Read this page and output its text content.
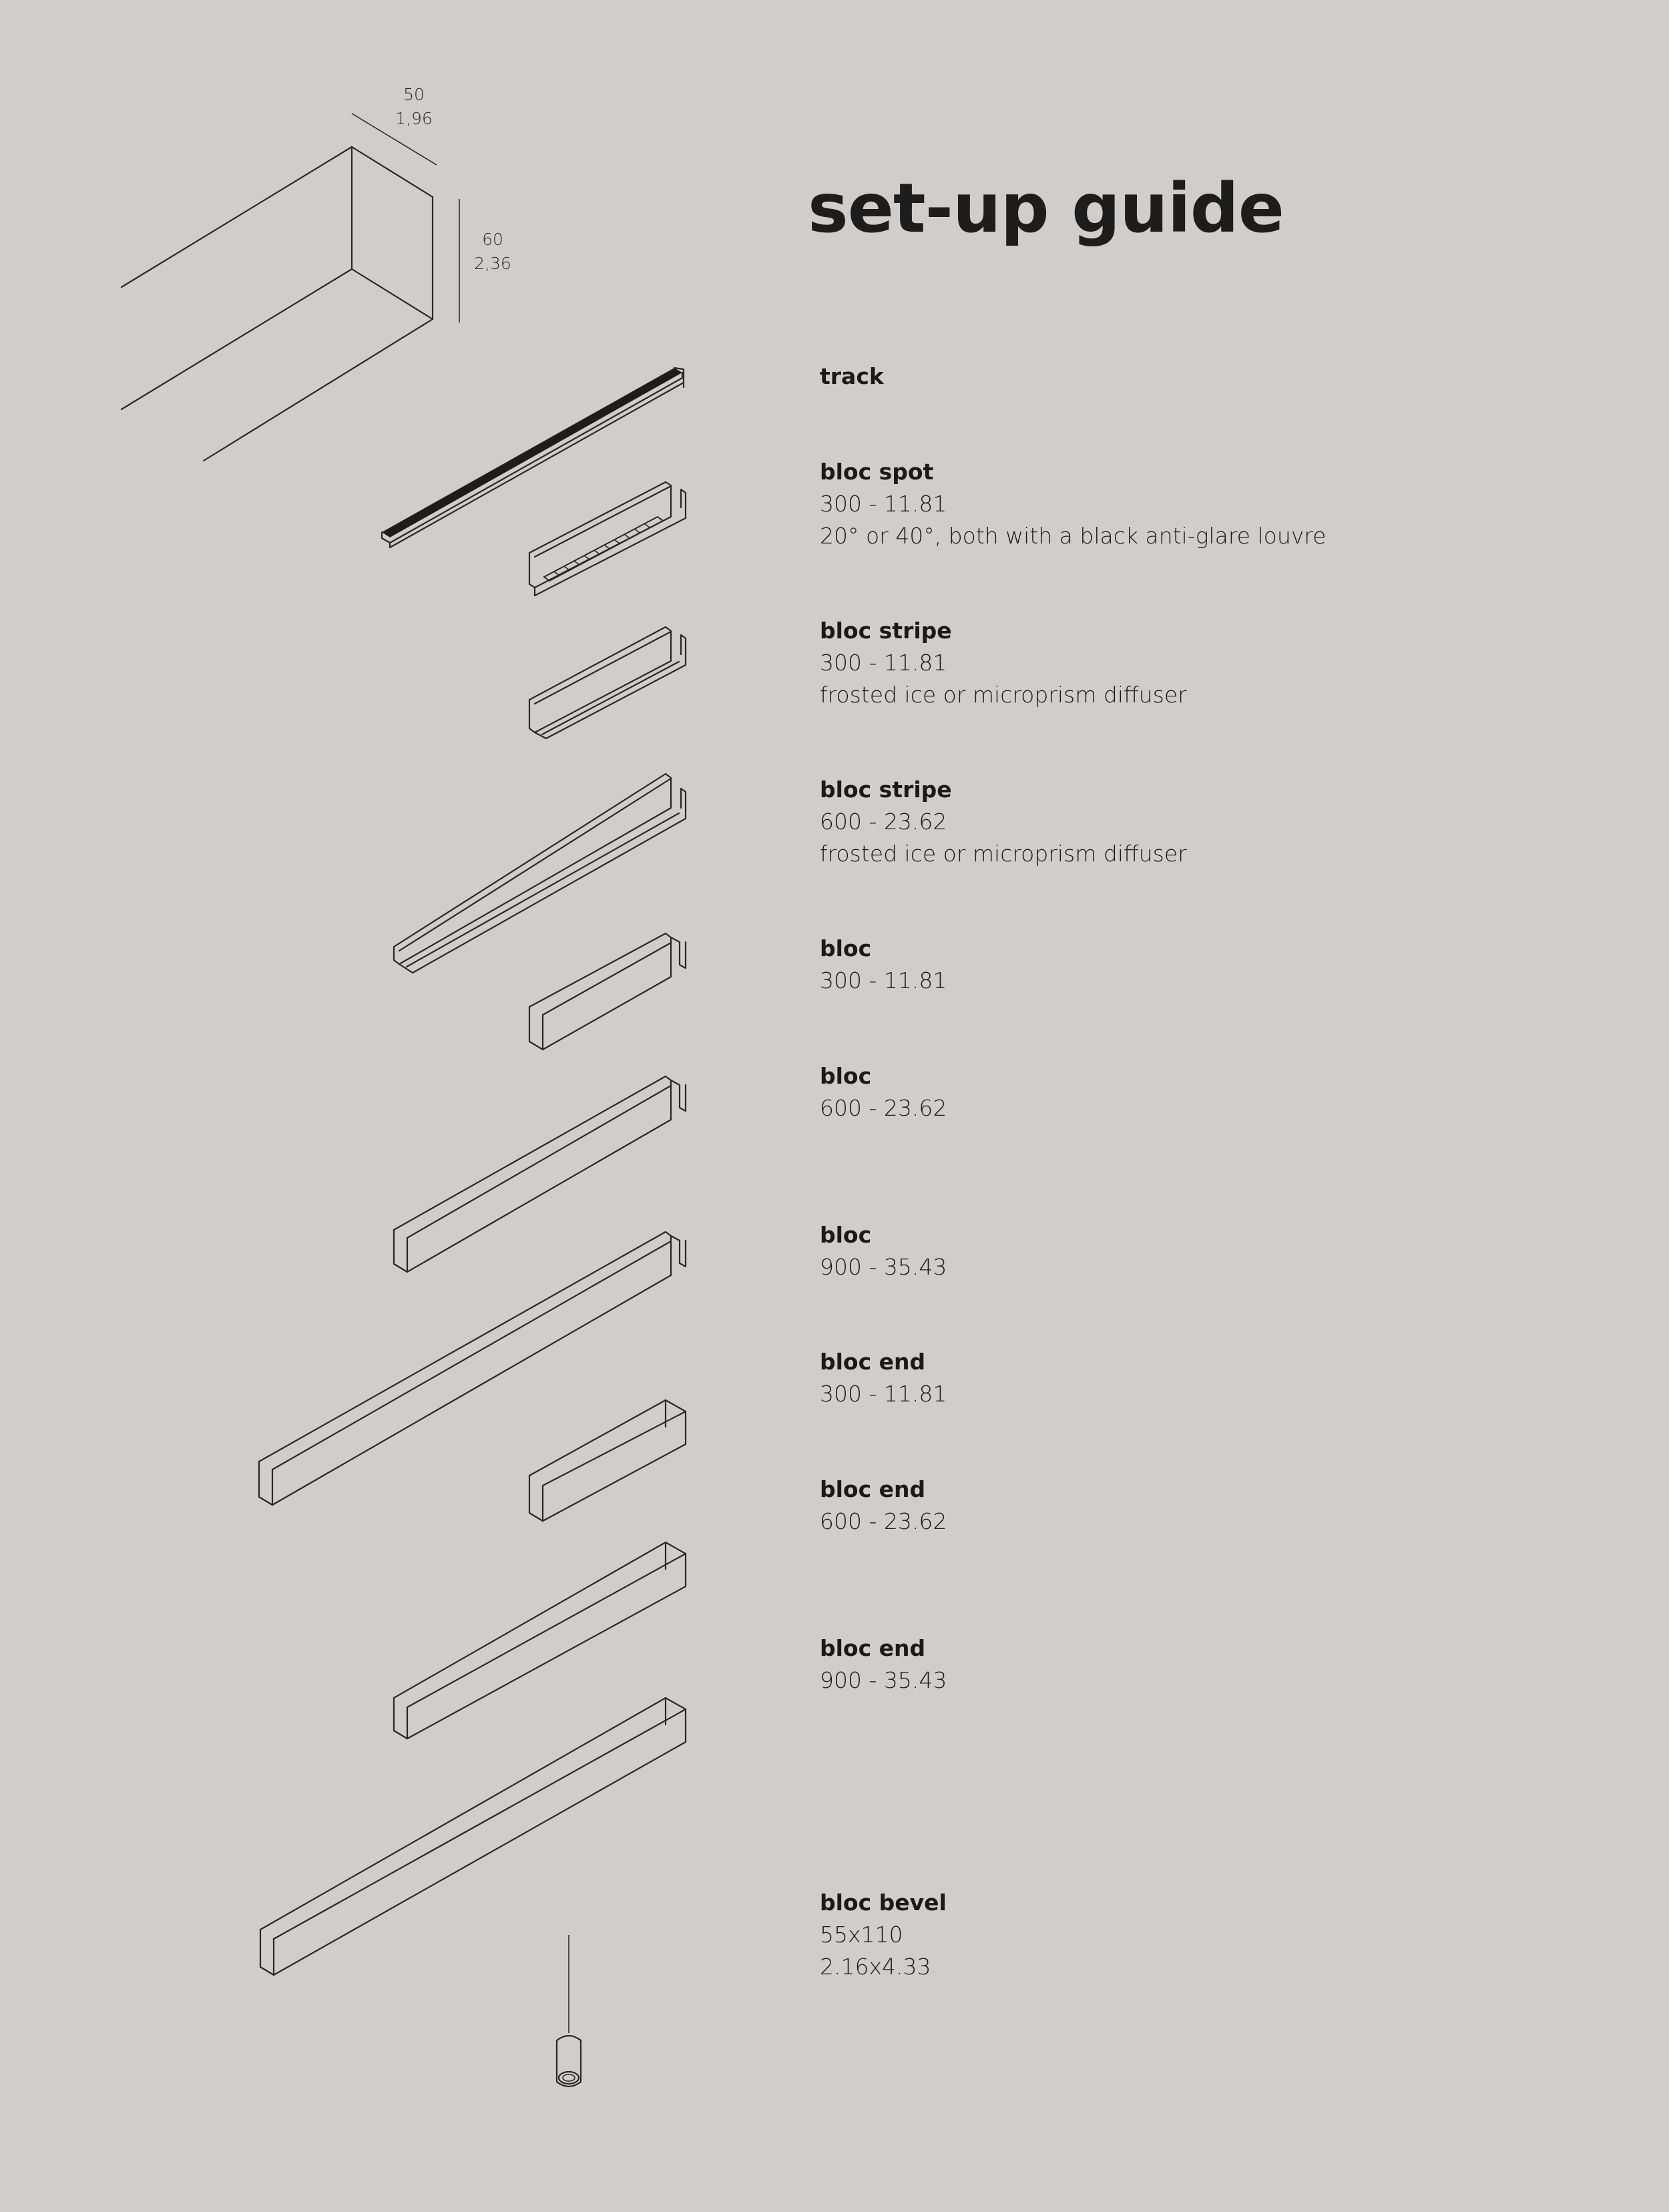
50
1,96
60
2,36
set-up guide
track
bloc spot
300 - 11.81
20° or 40°, both with a black anti-glare louvre
bloc stripe
300 - 11.81
frosted ice or microprism diffuser
bloc stripe
600 - 23.62
frosted ice or microprism diffuser
bloc
300 - 11.81
bloc
600 - 23.62
bloc
900 - 35.43
bloc end
300 - 11.81
bloc end
600 - 23.62
bloc end
900 - 35.43
bloc bevel
55x110
2.16x4.33
